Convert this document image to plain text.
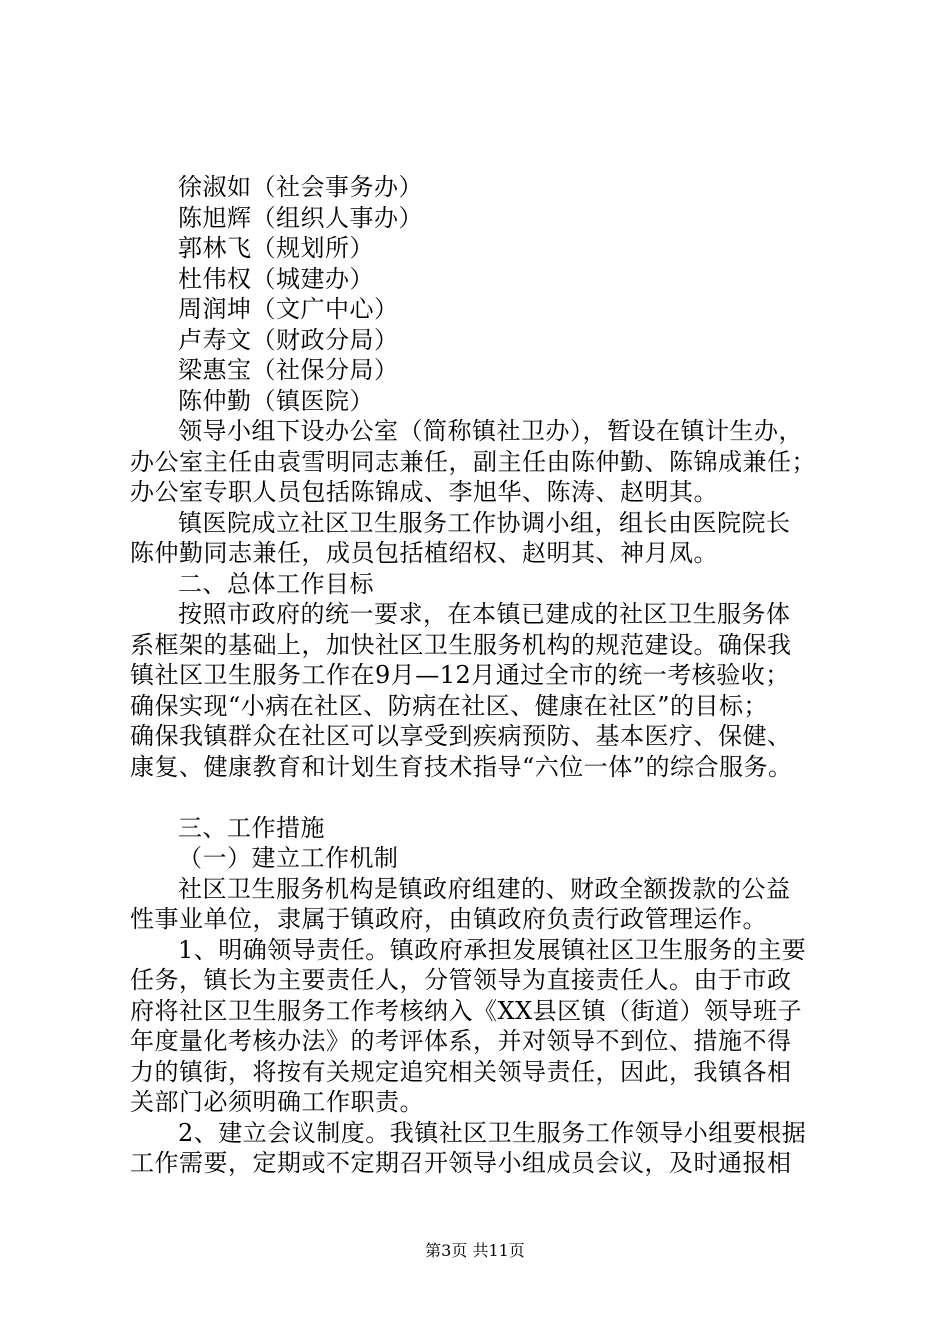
徐淑如（社会事务办）
陈旭辉（组织人事办）
郭林飞（规划所）
杜伟权（城建办）
周润坤（文广中心）
卢寿文（财政分局）
梁惠宝（社保分局）
陈仲勤（镇医院）
领导小组下设办公室（简称镇社卫办），暂设在镇计生办，
办公室主任由袁雪明同志兼任，副主任由陈仲勤、陈锦成兼任；
办公室专职人员包括陈锦成、李旭华、陈涛、赵明其。
镇医院成立社区卫生服务工作协调小组，组长由医院院长
陈仲勤同志兼任，成员包括植绍权、赵明其、神月凤。
二、总体工作目标
按照市政府的统一要求，在本镇已建成的社区卫生服务体
系框架的基础上，加快社区卫生服务机构的规范建设。确保我
镇社区卫生服务工作在9月—12月通过全市的统一考核验收；
确保实现“小病在社区、防病在社区、健康在社区”的目标；
确保我镇群众在社区可以享受到疾病预防、基本医疗、保健、
康复、健康教育和计划生育技术指导“六位一体”的综合服务。
三、工作措施
（一）建立工作机制
社区卫生服务机构是镇政府组建的、财政全额拨款的公益
性事业单位，隶属于镇政府，由镇政府负责行政管理运作。
1、明确领导责任。镇政府承担发展镇社区卫生服务的主要
任务，镇长为主要责任人，分管领导为直接责任人。由于市政
府将社区卫生服务工作考核纳入《XX县区镇（街道）领导班子
年度量化考核办法》的考评体系，并对领导不到位、措施不得
力的镇街，将按有关规定追究相关领导责任，因此，我镇各相
关部门必须明确工作职责。
2、建立会议制度。我镇社区卫生服务工作领导小组要根据
工作需要，定期或不定期召开领导小组成员会议，及时通报相
第3页 共11页
